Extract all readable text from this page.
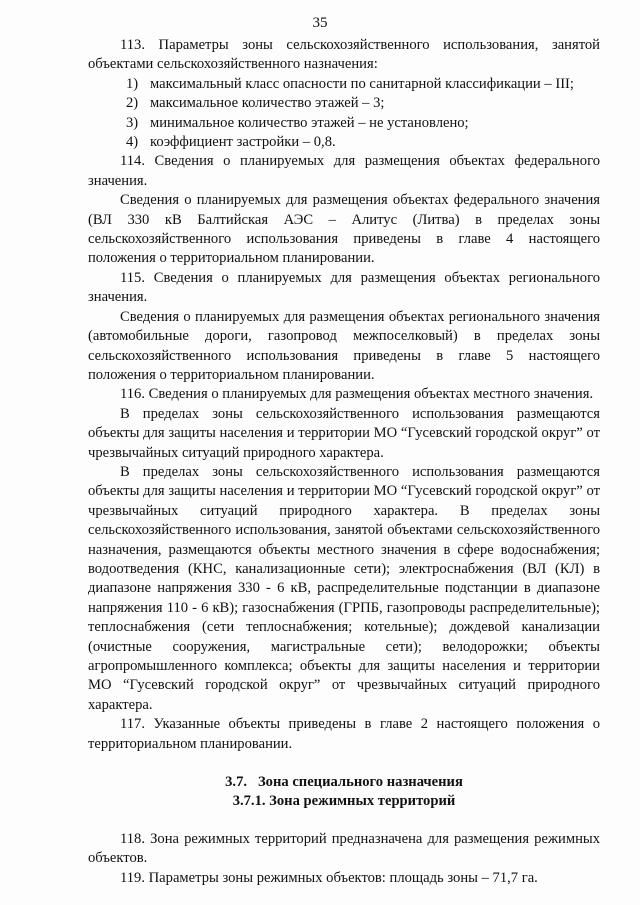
35

113. Параметры зоны сельскохозяйственного использования, занятой объектами сельскохозяйственного назначения:

1) максимальный класс опасности по санитарной классификации – III;

2) максимальное количество этажей – 3;

3) минимальное количество этажей – не установлено;

4) коэффициент застройки – 0,8.

114. Сведения о планируемых для размещения объектах федерального значения.

Сведения о планируемых для размещения объектах федерального значения (ВЛ 330 кВ Балтийская АЭС – Алитус (Литва) в пределах зоны сельскохозяйственного использования приведены в главе 4 настоящего положения о территориальном планировании.

115. Сведения о планируемых для размещения объектах регионального значения.

Сведения о планируемых для размещения объектах регионального значения (автомобильные дороги, газопровод межпоселковый) в пределах зоны сельскохозяйственного использования приведены в главе 5 настоящего положения о территориальном планировании.

116. Сведения о планируемых для размещения объектах местного значения.

В пределах зоны сельскохозяйственного использования размещаются объекты для защиты населения и территории МО “Гусевский городской округ” от чрезвычайных ситуаций природного характера.

В пределах зоны сельскохозяйственного использования размещаются объекты для защиты населения и территории МО “Гусевский городской округ” от чрезвычайных ситуаций природного характера. В пределах зоны сельскохозяйственного использования, занятой объектами сельскохозяйственного назначения, размещаются объекты местного значения в сфере водоснабжения; водоотведения (КНС, канализационные сети); электроснабжения (ВЛ (КЛ) в диапазоне напряжения 330 - 6 кВ, распределительные подстанции в диапазоне напряжения 110 - 6 кВ); газоснабжения (ГРПБ, газопроводы распределительные); теплоснабжения (сети теплоснабжения; котельные); дождевой канализации (очистные сооружения, магистральные сети); велодорожки; объекты агропромышленного комплекса; объекты для защиты населения и территории МО “Гусевский городской округ” от чрезвычайных ситуаций природного характера.

117. Указанные объекты приведены в главе 2 настоящего положения о территориальном планировании.

3.7.   Зона специального назначения

3.7.1. Зона режимных территорий

118. Зона режимных территорий предназначена для размещения режимных объектов.

119. Параметры зоны режимных объектов: площадь зоны – 71,7 га.
